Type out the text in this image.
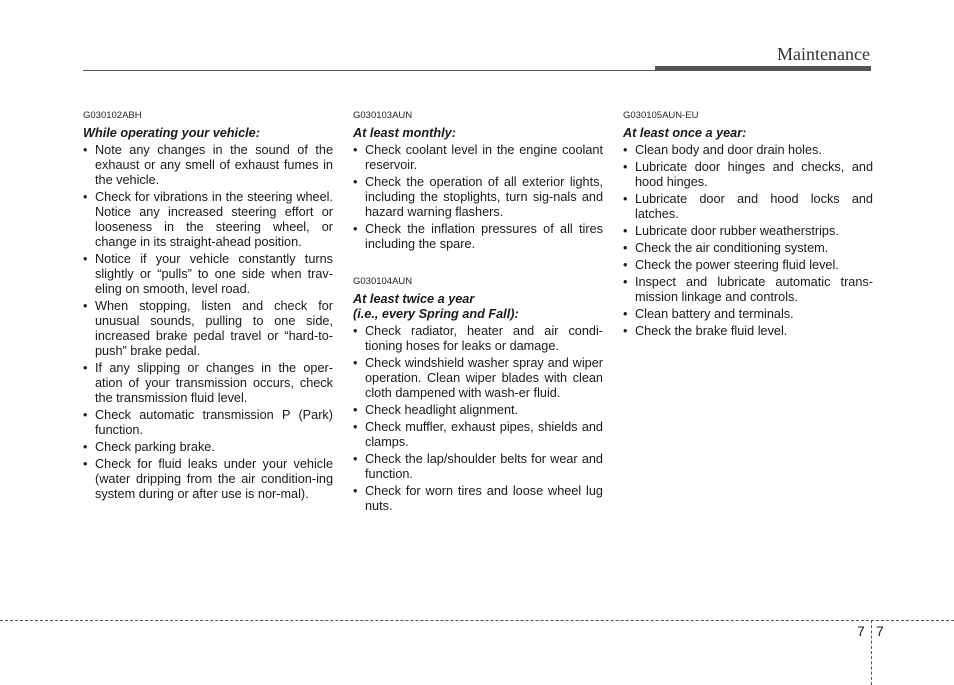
Maintenance
G030102ABH
While operating your vehicle:
• Note any changes in the sound of the exhaust or any smell of exhaust fumes in the vehicle.
• Check for vibrations in the steering wheel. Notice any increased steering effort or looseness in the steering wheel, or change in its straight-ahead position.
• Notice if your vehicle constantly turns slightly or “pulls” to one side when trav-eling on smooth, level road.
• When stopping, listen and check for unusual sounds, pulling to one side, increased brake pedal travel or “hard-to-push” brake pedal.
• If any slipping or changes in the oper-ation of your transmission occurs, check the transmission fluid level.
• Check automatic transmission P (Park) function.
• Check parking brake.
• Check for fluid leaks under your vehicle (water dripping from the air condition-ing system during or after use is nor-mal).
G030103AUN
At least monthly:
• Check coolant level in the engine coolant reservoir.
• Check the operation of all exterior lights, including the stoplights, turn sig-nals and hazard warning flashers.
• Check the inflation pressures of all tires including the spare.
G030104AUN
At least twice a year
(i.e., every Spring and Fall):
• Check radiator, heater and air condi-tioning hoses for leaks or damage.
• Check windshield washer spray and wiper operation. Clean wiper blades with clean cloth dampened with wash-er fluid.
• Check headlight alignment.
• Check muffler, exhaust pipes, shields and clamps.
• Check the lap/shoulder belts for wear and function.
• Check for worn tires and loose wheel lug nuts.
G030105AUN-EU
At least once a year:
• Clean body and door drain holes.
• Lubricate door hinges and checks, and hood hinges.
• Lubricate door and hood locks and latches.
• Lubricate door rubber weatherstrips.
• Check the air conditioning system.
• Check the power steering fluid level.
• Inspect and lubricate automatic trans-mission linkage and controls.
• Clean battery and terminals.
• Check the brake fluid level.
7 7
